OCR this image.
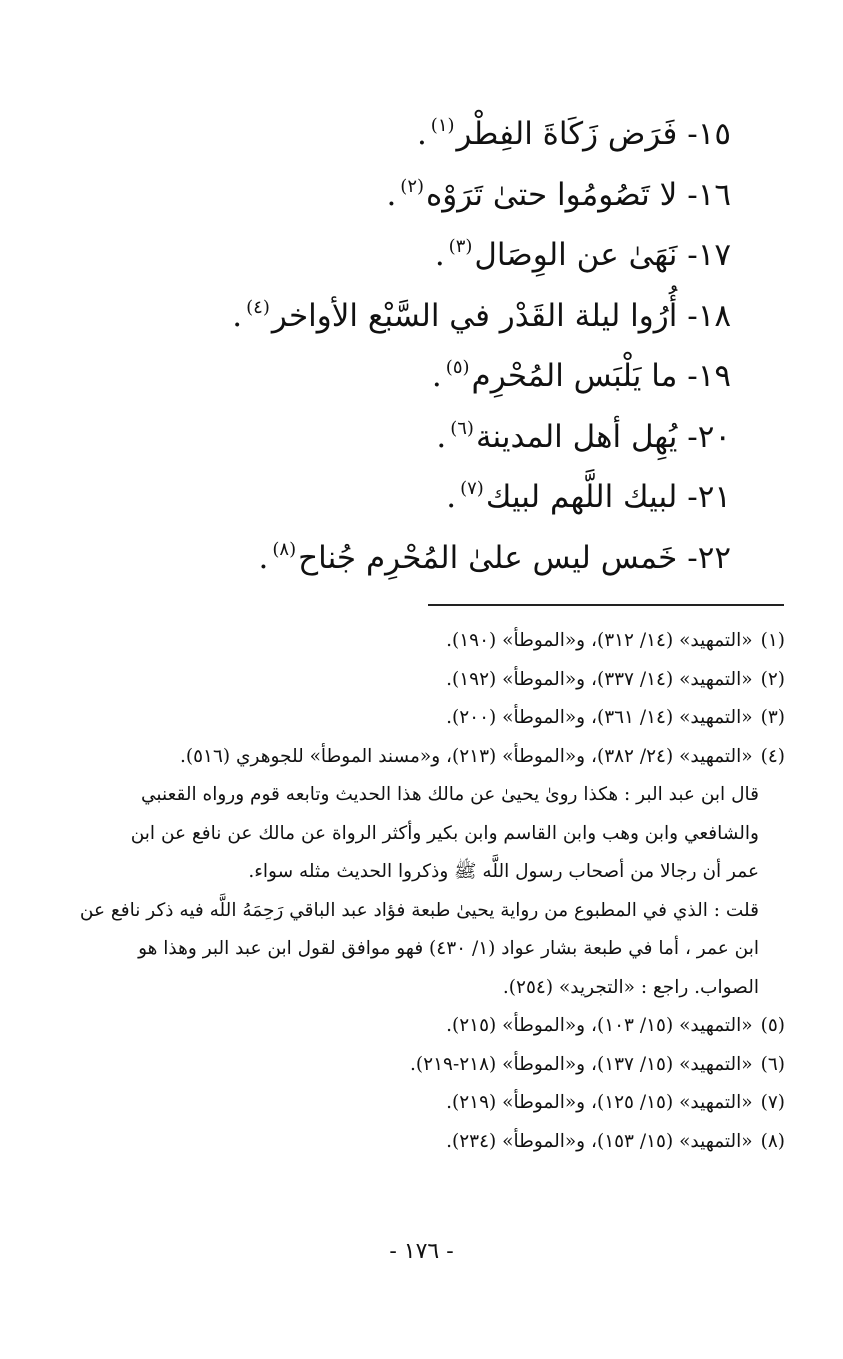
١٥- فَرَض زَكَاةَ الفِطْر$^{(١)}$.
١٦- لا تَصُومُوا حتىٰ تَرَوْه$^{(٢)}$.
١٧- نَهَىٰ عن الوِصَال$^{(٣)}$.
١٨- أُرُوا ليلة القَدْر في السَّبْع الأواخر$^{(٤)}$.
١٩- ما يَلْبَس المُحْرِم$^{(٥)}$.
٢٠- يُهِل أهل المدينة$^{(٦)}$.
٢١- لبيك اللَّهم لبيك$^{(٧)}$.
٢٢- خَمس ليس علىٰ المُحْرِم جُناح$^{(٨)}$.
(١)«التمهيد» (١٤/ ٣١٢)، و«الموطأ» (١٩٠).
(٢)«التمهيد» (١٤/ ٣٣٧)، و«الموطأ» (١٩٢).
(٣)«التمهيد» (١٤/ ٣٦١)، و«الموطأ» (٢٠٠).
(٤)«التمهيد» (٢٤/ ٣٨٢)، و«الموطأ» (٢١٣)، و«مسند الموطأ» للجوهري (٥١٦).
قال ابن عبد البر : هكذا روىٰ يحيىٰ عن مالك هذا الحديث وتابعه قوم ورواه القعنبي
والشافعي وابن وهب وابن القاسم وابن بكير وأكثر الرواة عن مالك عن نافع عن ابن
عمر أن رجالا من أصحاب رسول اللَّه ﷺ وذكروا الحديث مثله سواء.
قلت : الذي في المطبوع من رواية يحيىٰ طبعة فؤاد عبد الباقي رَحِمَهُ اللَّه فيه ذكر نافع عن
ابن عمر ، أما في طبعة بشار عواد (١/ ٤٣٠) فهو موافق لقول ابن عبد البر وهذا هو
الصواب. راجع : «التجريد» (٢٥٤).
(٥)«التمهيد» (١٥/ ١٠٣)، و«الموطأ» (٢١٥).
(٦)«التمهيد» (١٥/ ١٣٧)، و«الموطأ» (٢١٨-٢١٩).
(٧)«التمهيد» (١٥/ ١٢٥)، و«الموطأ» (٢١٩).
(٨)«التمهيد» (١٥/ ١٥٣)، و«الموطأ» (٢٣٤).
- ١٧٦ -
